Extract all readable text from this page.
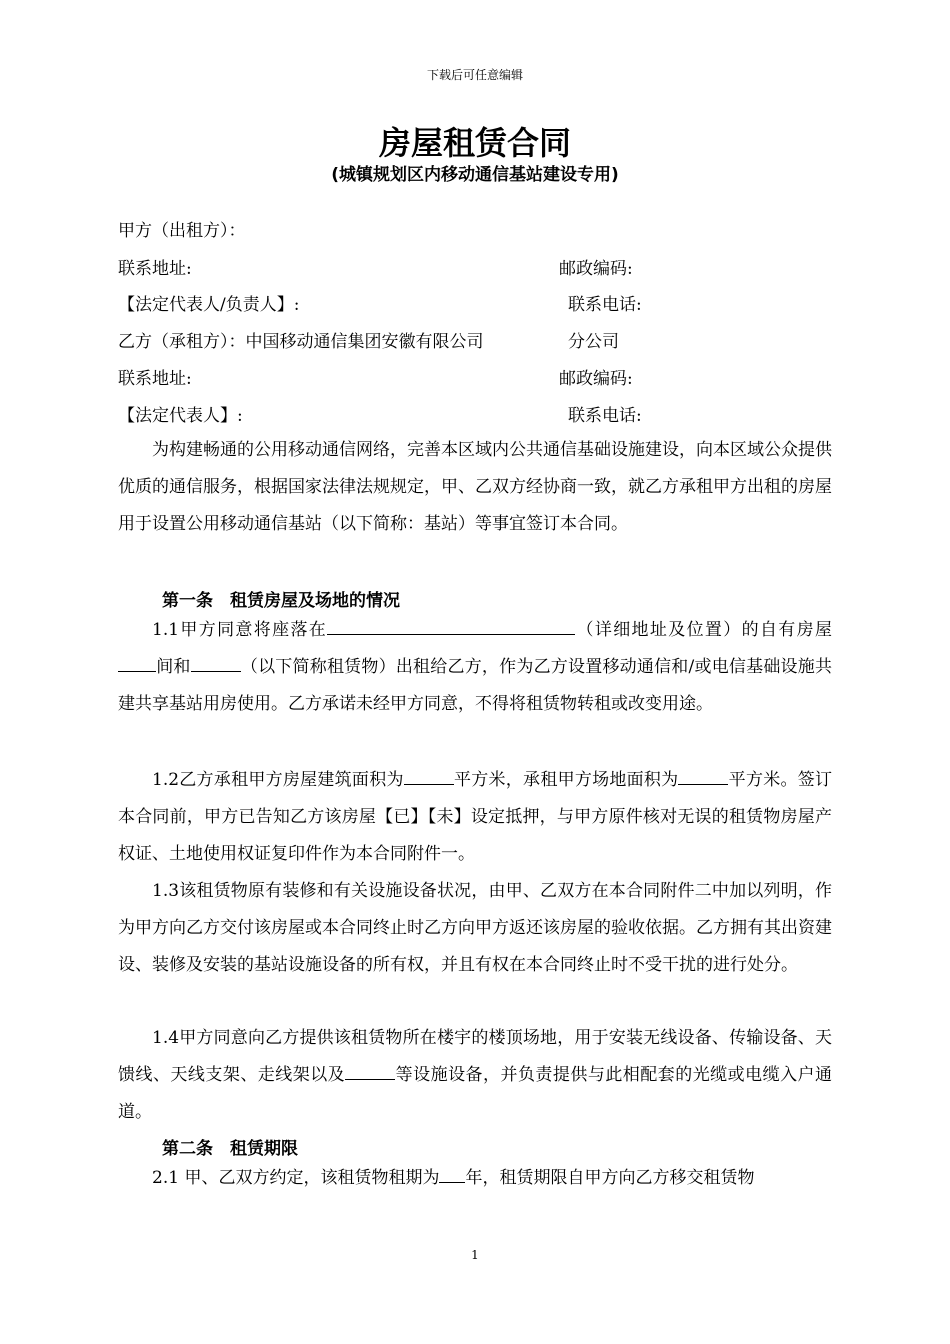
下载后可任意编辑
房屋租赁合同
(城镇规划区内移动通信基站建设专用)
甲方（出租方）：
联系地址:	邮政编码:
【法定代表人/负责人】:	联系电话:
乙方（承租方）：中国移动通信集团安徽有限公司	分公司
联系地址:	邮政编码:
【法定代表人】:	联系电话:

为构建畅通的公用移动通信网络，完善本区域内公共通信基础设施建设，向本区域公众提供优质的通信服务，根据国家法律法规规定，甲、乙双方经协商一致，就乙方承租甲方出租的房屋用于设置公用移动通信基站（以下简称：基站）等事宜签订本合同。

第一条　租赁房屋及场地的情况

1.1甲方同意将座落在	（详细地址及位置）的自有房屋间和	（以下简称租赁物）出租给乙方，作为乙方设置移动通信和/或电信基础设施共建共享基站用房使用。乙方承诺未经甲方同意，不得将租赁物转租或改变用途。

1.2乙方承租甲方房屋建筑面积为	平方米，承租甲方场地面积为	平方米。签订本合同前，甲方已告知乙方该房屋【已】【未】设定抵押，与甲方原件核对无误的租赁物房屋产权证、土地使用权证复印件作为本合同附件一。

1.3该租赁物原有装修和有关设施设备状况，由甲、乙双方在本合同附件二中加以列明，作为甲方向乙方交付该房屋或本合同终止时乙方向甲方返还该房屋的验收依据。乙方拥有其出资建设、装修及安装的基站设施设备的所有权，并且有权在本合同终止时不受干扰的进行处分。

1.4甲方同意向乙方提供该租赁物所在楼宇的楼顶场地，用于安装无线设备、传输设备、天馈线、天线支架、走线架以及	等设施设备，并负责提供与此相配套的光缆或电缆入户通道。

第二条　租赁期限

2.1 甲、乙双方约定，该租赁物租期为 年，租赁期限自甲方向乙方移交租赁物

1
